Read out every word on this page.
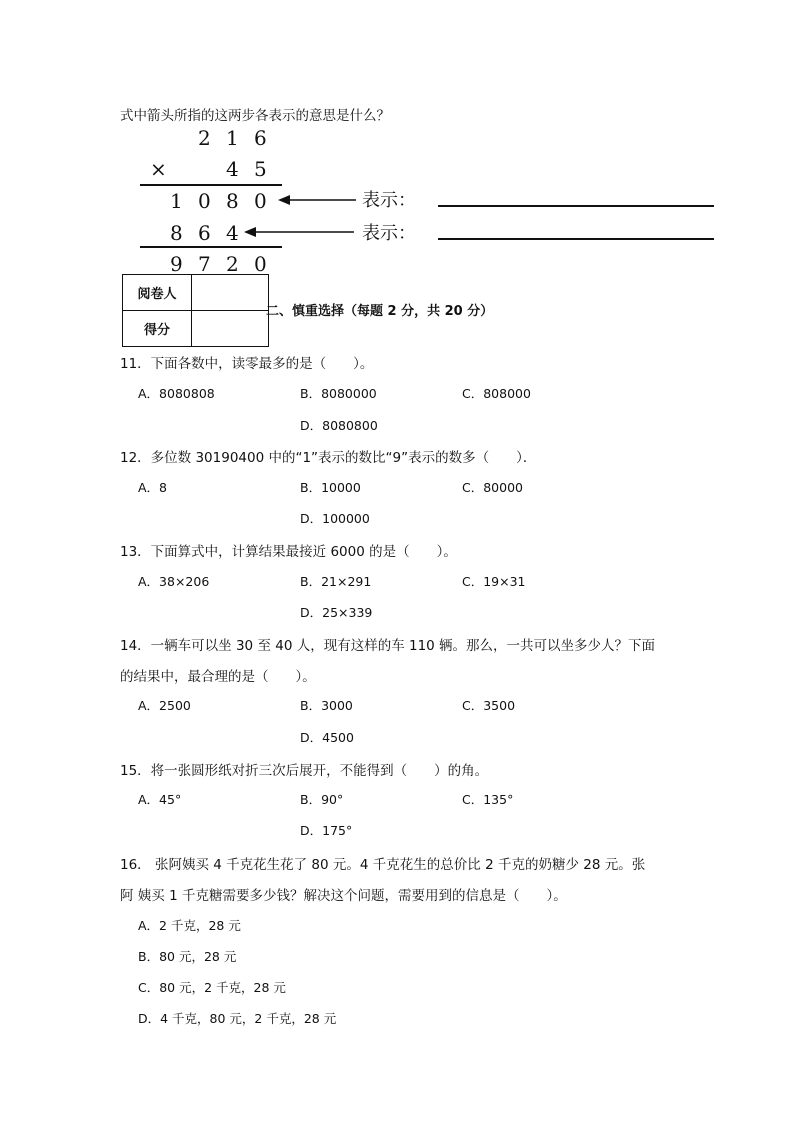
式中箭头所指的这两步各表示的意思是什么？
2 1 6
×	4 5
1 0 8 0
8 6 4
9 7 2 0
表示：
表示：
阅卷人	
得分	
二、慎重选择（每题 2 分，共 20 分）
11．下面各数中，读零最多的是（　　）。
A．8080808	B．8080000	C．808000
D．8080800
12．多位数 30190400 中的“1”表示的数比“9”表示的数多（　　）．
A．8	B．10000	C．80000
D．100000
13．下面算式中，计算结果最接近 6000 的是（　　）。
A．38×206	B．21×291	C．19×31
D．25×339
14．一辆车可以坐 30 至 40 人，现有这样的车 110 辆。那么，一共可以坐多少人？下面
的结果中，最合理的是（　　）。
A．2500	B．3000	C．3500
D．4500
15．将一张圆形纸对折三次后展开，不能得到（　　）的角。
A．45°	B．90°	C．135°
D．175°
16． 张阿姨买 4 千克花生花了 80 元。4 千克花生的总价比 2 千克的奶糖少 28 元。张
阿 姨买 1 千克糖需要多少钱？解决这个问题，需要用到的信息是（　　）。
A．2 千克，28 元
B．80 元，28 元
C．80 元，2 千克，28 元
D．4 千克，80 元，2 千克，28 元
